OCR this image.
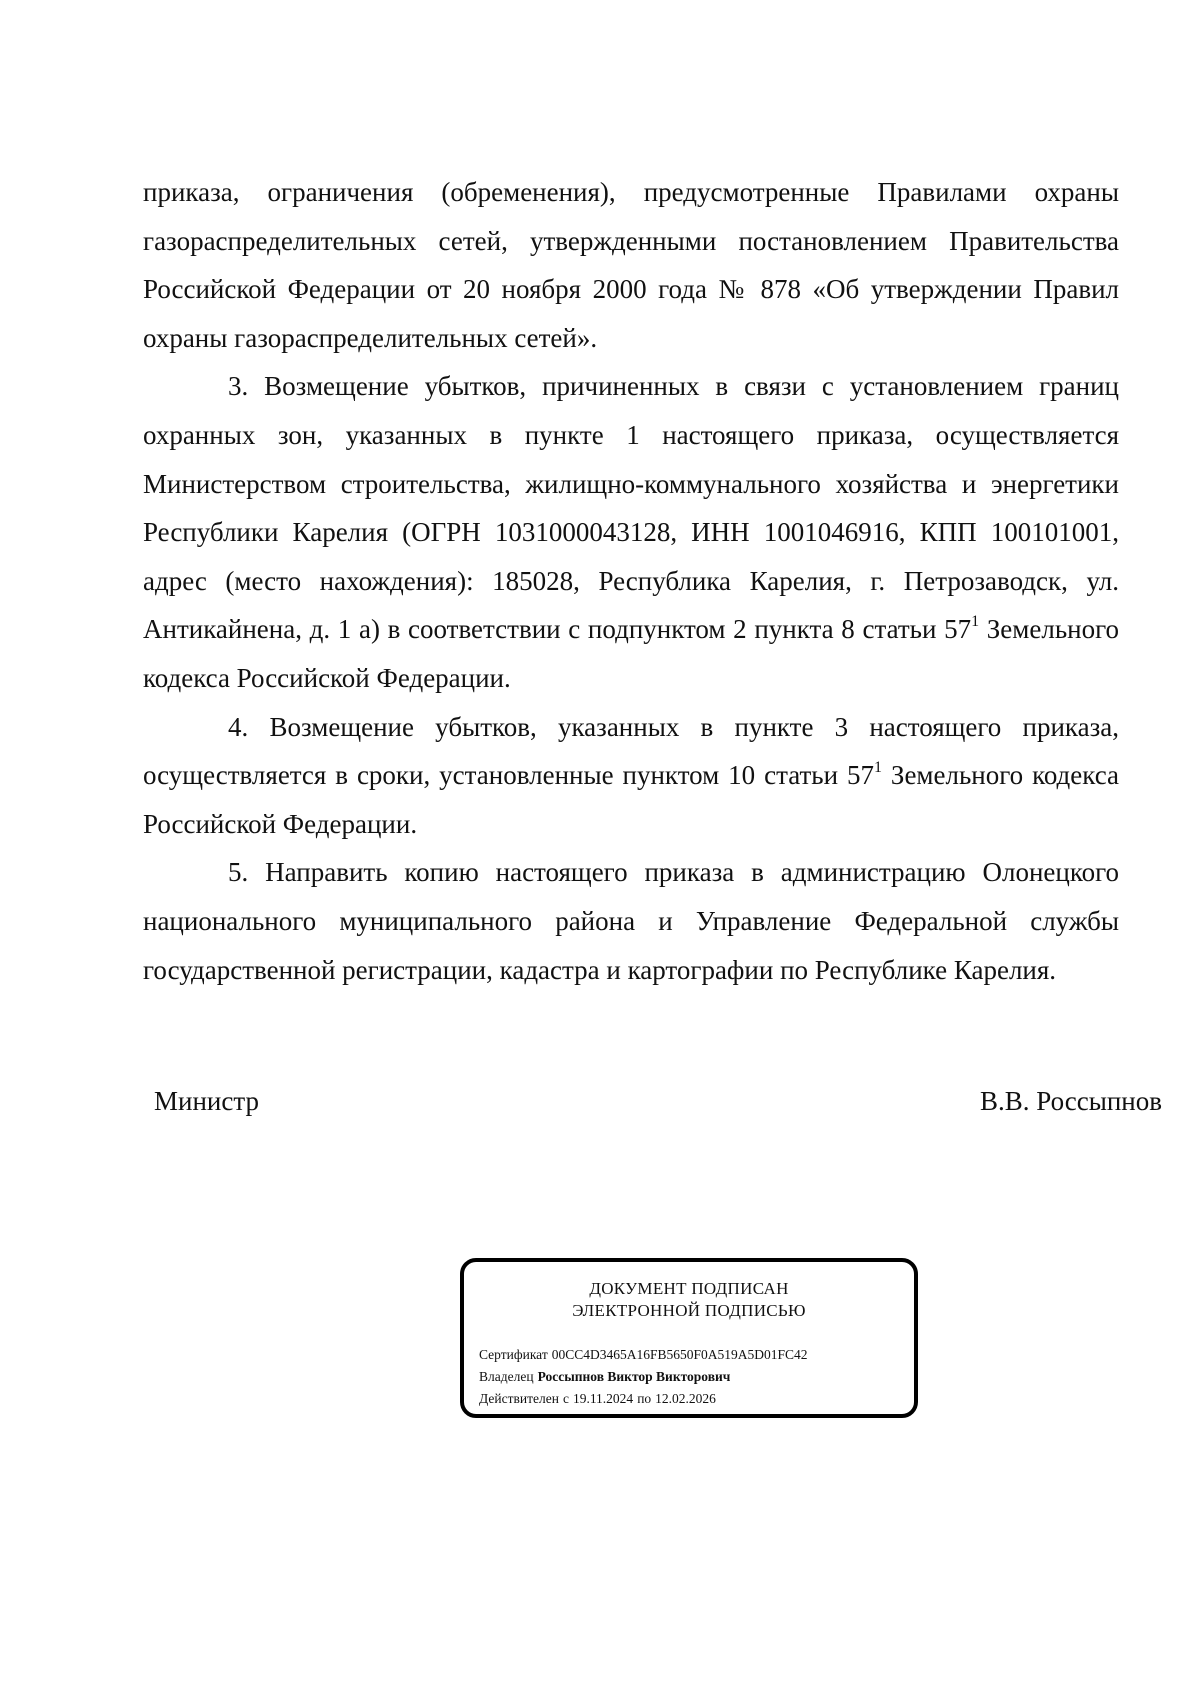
приказа, ограничения (обременения), предусмотренные Правилами охраны газораспределительных сетей, утвержденными постановлением Правительства Российской Федерации от 20 ноября 2000 года № 878 «Об утверждении Правил охраны газораспределительных сетей».

3. Возмещение убытков, причиненных в связи с установлением границ охранных зон, указанных в пункте 1 настоящего приказа, осуществляется Министерством строительства, жилищно-коммунального хозяйства и энергетики Республики Карелия (ОГРН 1031000043128, ИНН 1001046916, КПП 100101001, адрес (место нахождения): 185028, Республика Карелия, г. Петрозаводск, ул. Антикайнена, д. 1 а) в соответствии с подпунктом 2 пункта 8 статьи $57^1$ Земельного кодекса Российской Федерации.

4. Возмещение убытков, указанных в пункте 3 настоящего приказа, осуществляется в сроки, установленные пунктом 10 статьи $57^1$ Земельного кодекса Российской Федерации.

5. Направить копию настоящего приказа в администрацию Олонецкого национального муниципального района и Управление Федеральной службы государственной регистрации, кадастра и картографии по Республике Карелия.

Министр	В.В. Россыпнов
ДОКУМЕНТ ПОДПИСАН
ЭЛЕКТРОННОЙ ПОДПИСЬЮ
Сертификат 00CC4D3465A16FB5650F0A519A5D01FC42
Владелец Россыпнов Виктор Викторович
Действителен с 19.11.2024 по 12.02.2026
